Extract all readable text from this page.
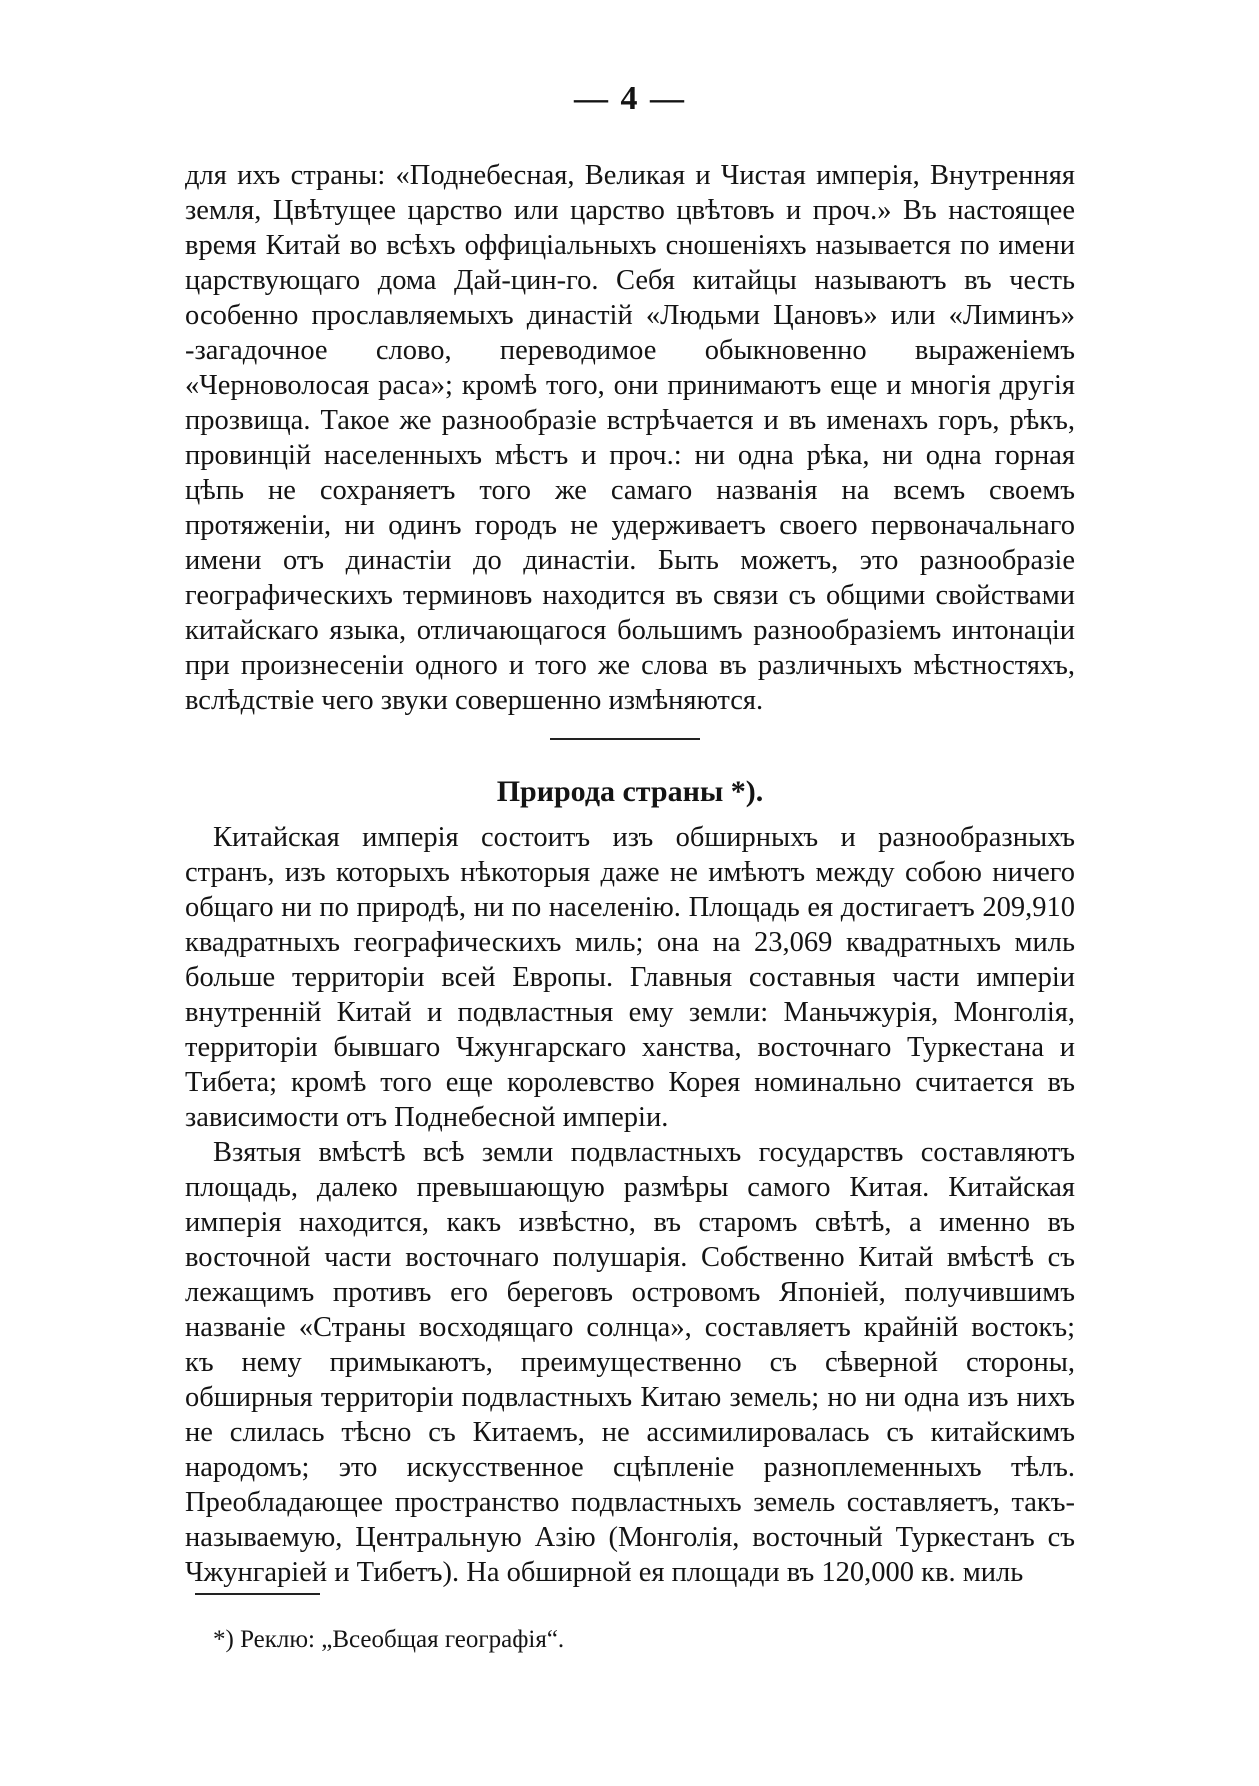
— 4 —

для ихъ страны: «Поднебесная, Великая и Чистая имперія, Внутренняя земля, Цвѣтущее царство или царство цвѣтовъ и проч.» Въ настоящее время Китай во всѣхъ оффиціальныхъ сношеніяхъ называется по имени царствующаго дома Дай-цин-го. Себя китайцы называютъ въ честь особенно прославляемыхъ династій «Людьми Цановъ» или «Лиминъ» -загадочное слово, переводимое обыкновенно выраженіемъ «Черноволосая раса»; кромѣ того, они принимаютъ еще и многія другія прозвища. Такое же разнообразіе встрѣчается и въ именахъ горъ, рѣкъ, провинцій населенныхъ мѣстъ и проч.: ни одна рѣка, ни одна горная цѣпь не сохраняетъ того же самаго названія на всемъ своемъ протяженіи, ни одинъ городъ не удерживаетъ своего первоначальнаго имени отъ династіи до династіи. Быть можетъ, это разнообразіе географическихъ терминовъ находится въ связи съ общими свойствами китайскаго языка, отличающагося большимъ разнообразіемъ интонаціи при произнесеніи одного и того же слова въ различныхъ мѣстностяхъ, вслѣдствіе чего звуки совершенно измѣняются.

Природа страны *).

Китайская имперія состоитъ изъ обширныхъ и разнообразныхъ странъ, изъ которыхъ нѣкоторыя даже не имѣютъ между собою ничего общаго ни по природѣ, ни по населенію. Площадь ея достигаетъ 209,910 квадратныхъ географическихъ миль; она на 23,069 квадратныхъ миль больше территоріи всей Европы. Главныя составныя части имперіи внутренній Китай и подвластныя ему земли: Маньчжурія, Монголія, территоріи бывшаго Чжунгарскаго ханства, восточнаго Туркестана и Тибета; кромѣ того еще королевство Корея номинально считается въ зависимости отъ Поднебесной имперіи.

Взятыя вмѣстѣ всѣ земли подвластныхъ государствъ составляютъ площадь, далеко превышающую размѣры самого Китая. Китайская имперія находится, какъ извѣстно, въ старомъ свѣтѣ, а именно въ восточной части восточнаго полушарія. Собственно Китай вмѣстѣ съ лежащимъ противъ его береговъ островомъ Японіей, получившимъ названіе «Страны восходящаго солнца», составляетъ крайній востокъ; къ нему примыкаютъ, преимущественно съ сѣверной стороны, обширныя территоріи подвластныхъ Китаю земель; но ни одна изъ нихъ не слилась тѣсно съ Китаемъ, не ассимилировалась съ китайскимъ народомъ; это искусственное сцѣпленіе разноплеменныхъ тѣлъ. Преобладающее пространство подвластныхъ земель составляетъ, такъ-называемую, Центральную Азію (Монголія, восточный Туркестанъ съ Чжунгаріей и Тибетъ). На обширной ея площади въ 120,000 кв. миль

*) Реклю: „Всеобщая географія“.
